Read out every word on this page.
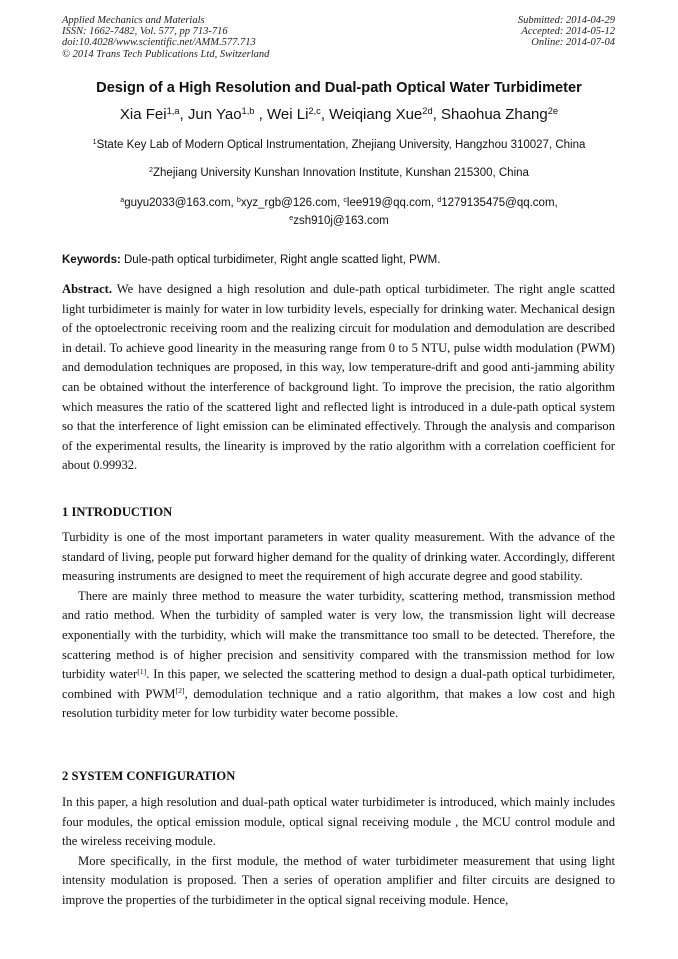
Applied Mechanics and Materials
ISSN: 1662-7482, Vol. 577, pp 713-716
doi:10.4028/www.scientific.net/AMM.577.713
© 2014 Trans Tech Publications Ltd, Switzerland
Submitted: 2014-04-29
Accepted: 2014-05-12
Online: 2014-07-04
Design of a High Resolution and Dual-path Optical Water Turbidimeter
Xia Fei$^{1,a}$, Jun Yao$^{1,b}$ , Wei Li$^{2,c}$, Weiqiang Xue$^{2d}$, Shaohua Zhang$^{2e}$
$^1$State Key Lab of Modern Optical Instrumentation, Zhejiang University, Hangzhou 310027, China
$^2$Zhejiang University Kunshan Innovation Institute, Kunshan 215300, China
$^a$guyu2033@163.com, $^b$xyz_rgb@126.com, $^c$lee919@qq.com, $^d$1279135475@qq.com,
$^e$zsh910j@163.com
Keywords: Dule-path optical turbidimeter, Right angle scatted light, PWM.

Abstract. We have designed a high resolution and dule-path optical turbidimeter. The right angle scatted light turbidimeter is mainly for water in low turbidity levels, especially for drinking water. Mechanical design of the optoelectronic receiving room and the realizing circuit for modulation and demodulation are described in detail. To achieve good linearity in the measuring range from 0 to 5 NTU, pulse width modulation (PWM) and demodulation techniques are proposed, in this way, low temperature-drift and good anti-jamming ability can be obtained without the interference of background light. To improve the precision, the ratio algorithm which measures the ratio of the scattered light and reflected light is introduced in a dule-path optical system so that the interference of light emission can be eliminated effectively. Through the analysis and comparison of the experimental results, the linearity is improved by the ratio algorithm with a correlation coefficient for about 0.99932.

1 INTRODUCTION

Turbidity is one of the most important parameters in water quality measurement. With the advance of the standard of living, people put forward higher demand for the quality of drinking water. Accordingly, different measuring instruments are designed to meet the requirement of high accurate degree and good stability.

There are mainly three method to measure the water turbidity, scattering method, transmission method and ratio method. When the turbidity of sampled water is very low, the transmission light will decrease exponentially with the turbidity, which will make the transmittance too small to be detected. Therefore, the scattering method is of higher precision and sensitivity compared with the transmission method for low turbidity water[1]. In this paper, we selected the scattering method to design a dual-path optical turbidimeter, combined with PWM[2], demodulation technique and a ratio algorithm, that makes a low cost and high resolution turbidity meter for low turbidity water become possible.

2 SYSTEM CONFIGURATION

In this paper, a high resolution and dual-path optical water turbidimeter is introduced, which mainly includes four modules, the optical emission module, optical signal receiving module , the MCU control module and the wireless receiving module.

More specifically, in the first module, the method of water turbidimeter measurement that using light intensity modulation is proposed. Then a series of operation amplifier and filter circuits are designed to improve the properties of the turbidimeter in the optical signal receiving module. Hence,
